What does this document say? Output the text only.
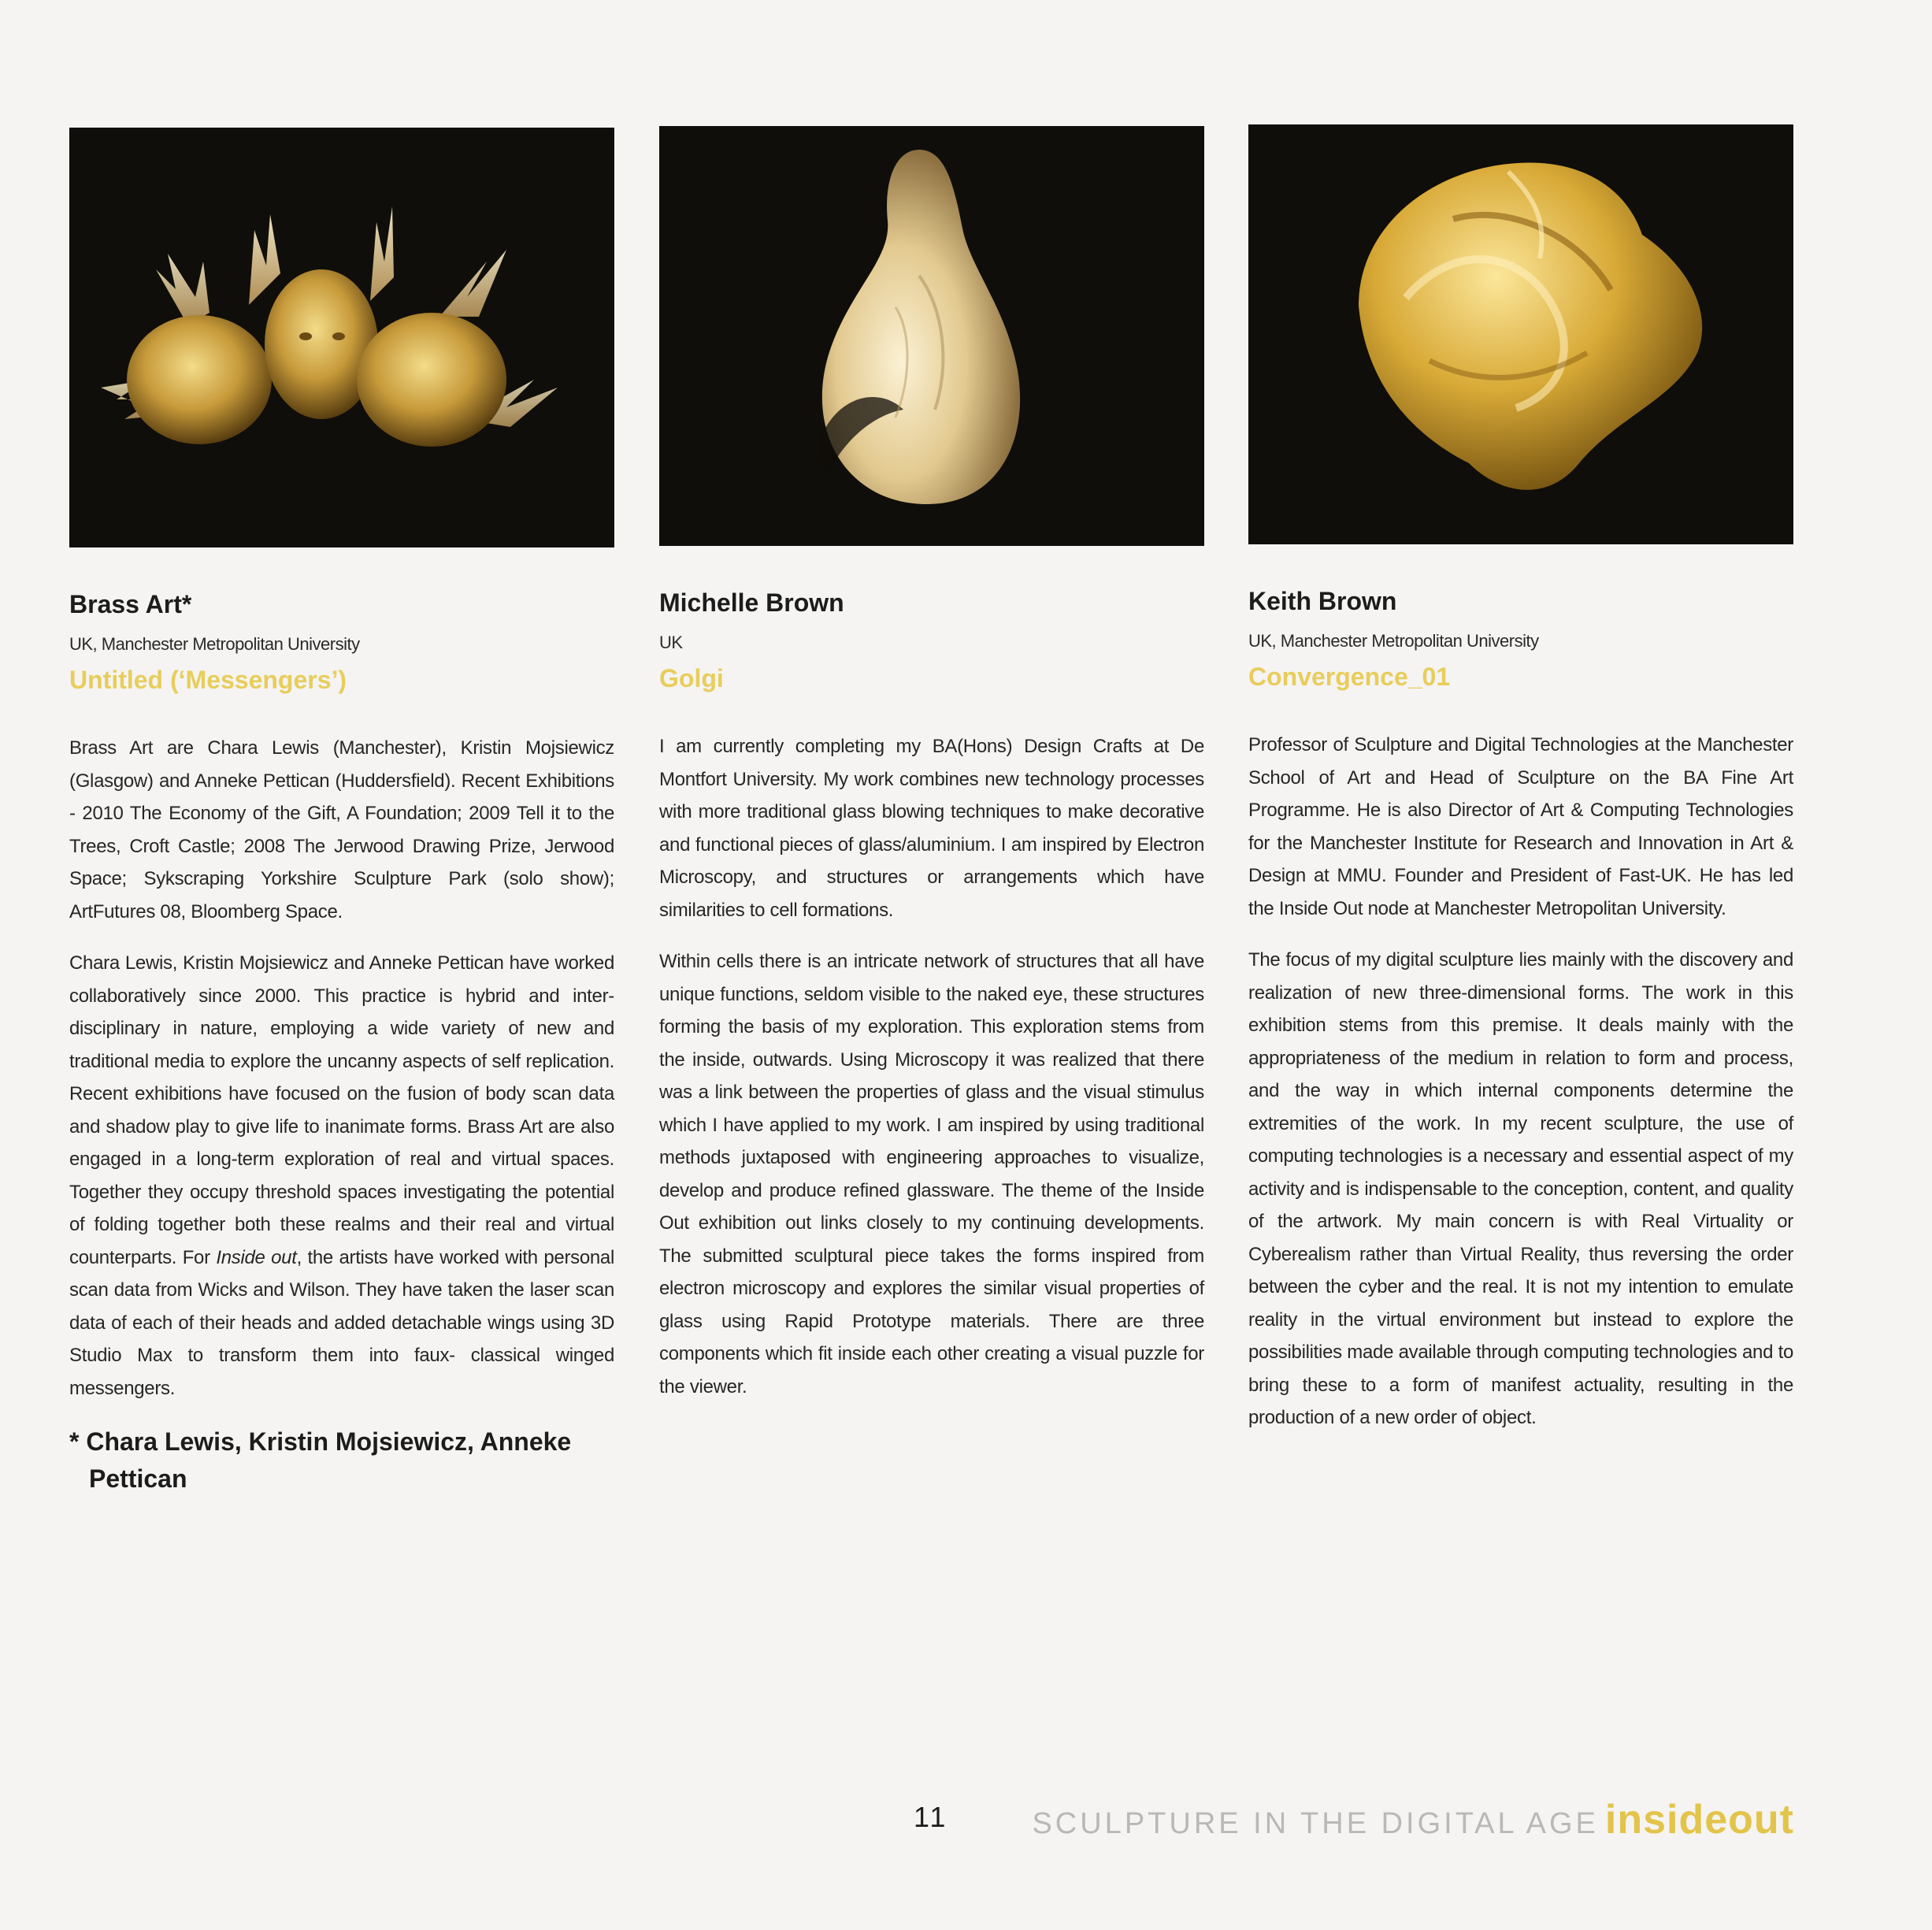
Brass Art*

UK, Manchester Metropolitan University

Untitled (‘Messengers’)

Brass Art are Chara Lewis (Manchester), Kristin Mojsiewicz (Glasgow) and Anneke Pettican (Huddersfield). Recent Exhibitions - 2010 The Economy of the Gift, A Foundation; 2009 Tell it to the Trees, Croft Castle; 2008 The Jerwood Drawing Prize, Jerwood Space; Sykscraping Yorkshire Sculpture Park (solo show); ArtFutures 08, Bloomberg Space.

Chara Lewis, Kristin Mojsiewicz and Anneke Pettican have worked collaboratively since 2000. This practice is hybrid and inter-disciplinary in nature, employing a wide variety of new and traditional media to explore the uncanny aspects of self replication. Recent exhibitions have focused on the fusion of body scan data and shadow play to give life to inanimate forms. Brass Art are also engaged in a long-term exploration of real and virtual spaces. Together they occupy threshold spaces investigating the potential of folding together both these realms and their real and virtual counterparts. For Inside out, the artists have worked with personal scan data from Wicks and Wilson. They have taken the laser scan data of each of their heads and added detachable wings using 3D Studio Max to transform them into faux- classical winged messengers.

* Chara Lewis, Kristin Mojsiewicz, Anneke Pettican

Michelle Brown

UK

Golgi

I am currently completing my BA(Hons) Design Crafts at De Montfort University. My work combines new technology processes with more traditional glass blowing techniques to make decorative and functional pieces of glass/aluminium. I am inspired by Electron Microscopy, and structures or arrangements which have similarities to cell formations.

Within cells there is an intricate network of structures that all have unique functions, seldom visible to the naked eye, these structures forming the basis of my exploration. This exploration stems from the inside, outwards. Using Microscopy it was realized that there was a link between the properties of glass and the visual stimulus which I have applied to my work. I am inspired by using traditional methods juxtaposed with engineering approaches to visualize, develop and produce refined glassware. The theme of the Inside Out exhibition out links closely to my continuing developments. The submitted sculptural piece takes the forms inspired from electron microscopy and explores the similar visual properties of glass using Rapid Prototype materials. There are three components which fit inside each other creating a visual puzzle for the viewer.

Keith Brown

UK, Manchester Metropolitan University

Convergence_01

Professor of Sculpture and Digital Technologies at the Manchester School of Art and Head of Sculpture on the BA Fine Art Programme. He is also Director of Art & Computing Technologies for the Manchester Institute for Research and Innovation in Art & Design at MMU. Founder and President of Fast-UK. He has led the Inside Out node at Manchester Metropolitan University.

The focus of my digital sculpture lies mainly with the discovery and realization of new three-dimensional forms. The work in this exhibition stems from this premise. It deals mainly with the appropriateness of the medium in relation to form and process, and the way in which internal components determine the extremities of the work. In my recent sculpture, the use of computing technologies is a necessary and essential aspect of my activity and is indispensable to the conception, content, and quality of the artwork. My main concern is with Real Virtuality or Cyberealism rather than Virtual Reality, thus reversing the order between the cyber and the real. It is not my intention to emulate reality in the virtual environment but instead to explore the possibilities made available through computing technologies and to bring these to a form of manifest actuality, resulting in the production of a new order of object.

11	SCULPTURE IN THE DIGITAL AGE insideout
